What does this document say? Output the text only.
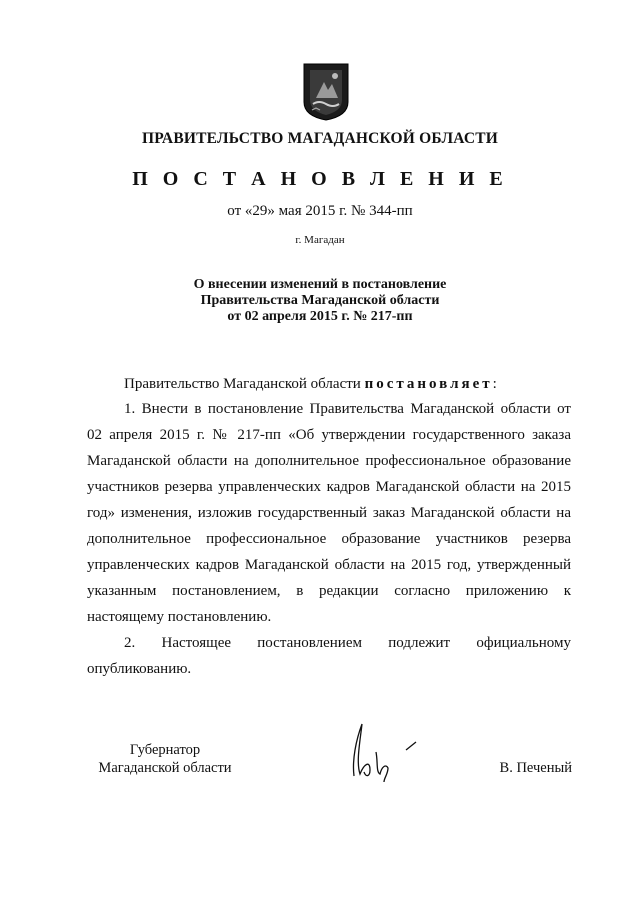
ПРАВИТЕЛЬСТВО МАГАДАНСКОЙ ОБЛАСТИ
П О С Т А Н О В Л Е Н И Е
от «29» мая 2015 г. № 344-пп
г. Магадан
О внесении изменений в постановление
Правительства Магаданской области
от 02 апреля 2015 г. № 217-пп
Правительство Магаданской области постановляет:
1. Внести в постановление Правительства Магаданской области от 02 апреля 2015 г. № 217-пп «Об утверждении государственного заказа Магаданской области на дополнительное профессиональное образование участников резерва управленческих кадров Магаданской области на 2015 год» изменения, изложив государственный заказ Магаданской области на дополнительное профессиональное образование участников резерва управленческих кадров Магаданской области на 2015 год, утвержденный указанным постановлением, в редакции согласно приложению к настоящему постановлению.
2. Настоящее постановлением подлежит официальному опубликованию.
Губернатор
Магаданской области	В. Печеный
